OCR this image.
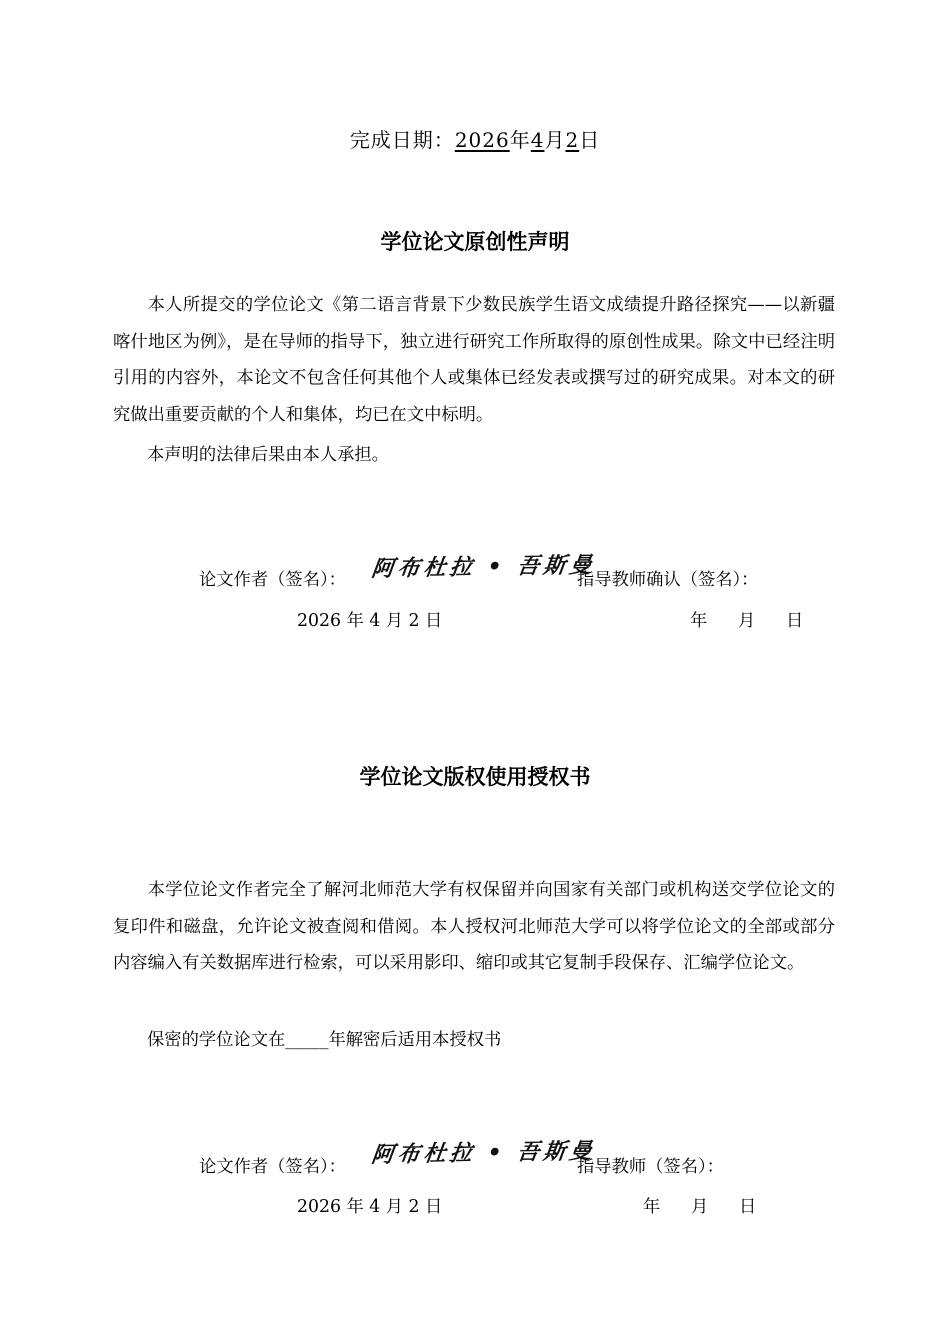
完成日期：2026年4月2日
学位论文原创性声明

本人所提交的学位论文《第二语言背景下少数民族学生语文成绩提升路径探究——以新疆喀什地区为例》，是在导师的指导下，独立进行研究工作所取得的原创性成果。除文中已经注明引用的内容外，本论文不包含任何其他个人或集体已经发表或撰写过的研究成果。对本文的研究做出重要贡献的个人和集体，均已在文中标明。

本声明的法律后果由本人承担。
论文作者（签名）： 阿布杜拉 • 吾斯曼
指导教师确认（签名）：
2026 年 4 月 2 日	年 月 日
学位论文版权使用授权书

本学位论文作者完全了解河北师范大学有权保留并向国家有关部门或机构送交学位论文的复印件和磁盘，允许论文被查阅和借阅。本人授权河北师范大学可以将学位论文的全部或部分内容编入有关数据库进行检索，可以采用影印、缩印或其它复制手段保存、汇编学位论文。

保密的学位论文在_____年解密后适用本授权书
论文作者（签名）： 阿布杜拉 • 吾斯曼
指导教师（签名）：
2026 年 4 月 2 日	年 月 日
